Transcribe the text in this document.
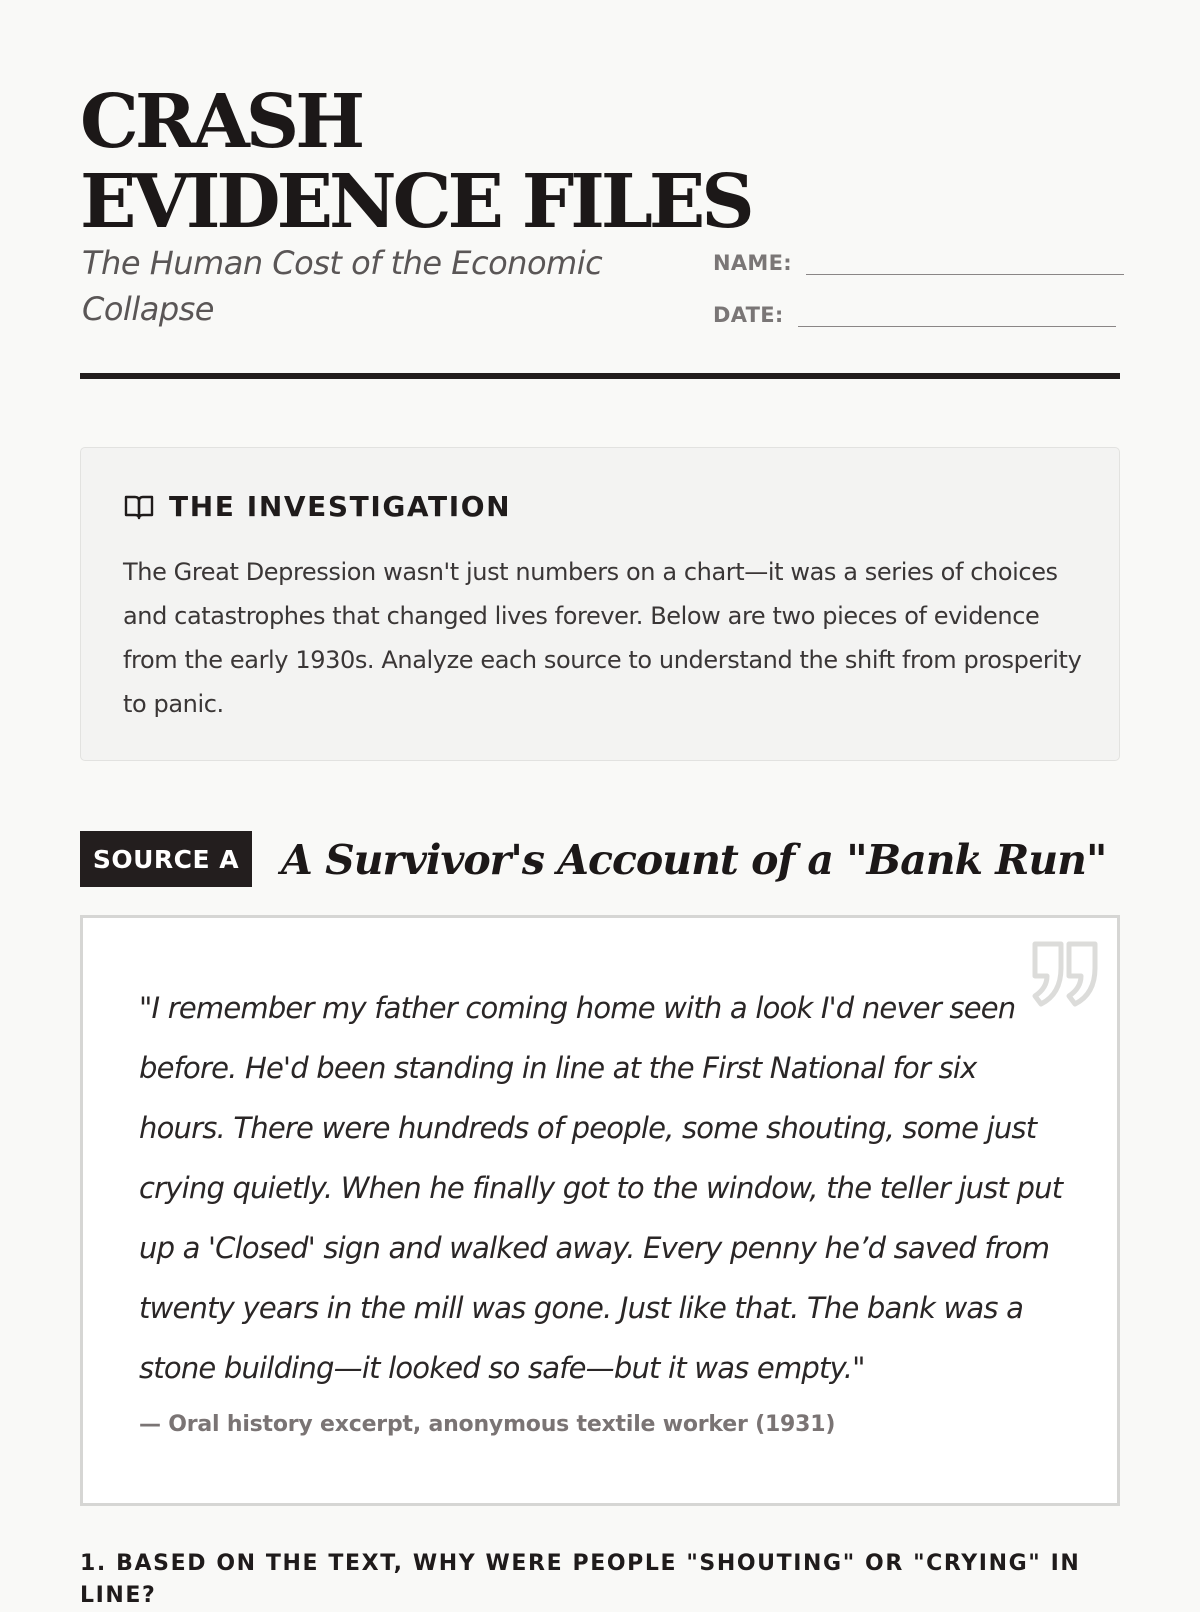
CRASH
EVIDENCE FILES

The Human Cost of the Economic Collapse

NAME:
DATE:
THE INVESTIGATION

The Great Depression wasn't just numbers on a chart—it was a series of choices and catastrophes that changed lives forever. Below are two pieces of evidence from the early 1930s. Analyze each source to understand the shift from prosperity to panic.

SOURCE A	A Survivor's Account of a "Bank Run"

"I remember my father coming home with a look I'd never seen before. He'd been standing in line at the First National for six hours. There were hundreds of people, some shouting, some just crying quietly. When he finally got to the window, the teller just put up a 'Closed' sign and walked away. Every penny he’d saved from twenty years in the mill was gone. Just like that. The bank was a stone building—it looked so safe—but it was empty."

— Oral history excerpt, anonymous textile worker (1931)

1. BASED ON THE TEXT, WHY WERE PEOPLE "SHOUTING" OR "CRYING" IN LINE?
